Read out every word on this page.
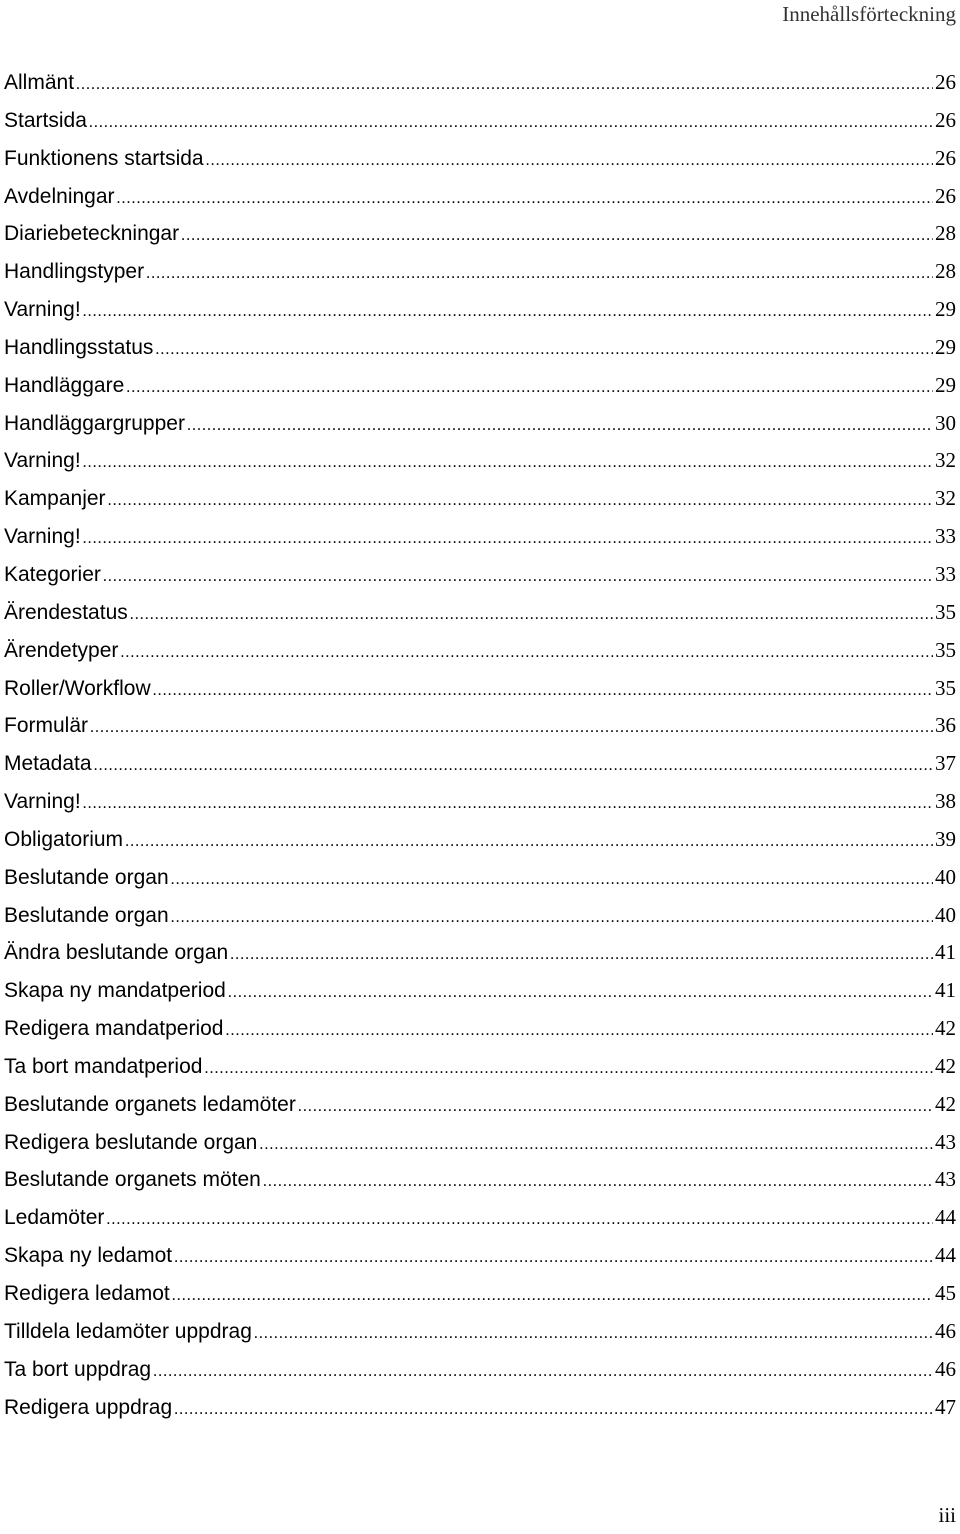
Innehållsförteckning
Allmänt .....	26
Startsida .....	26
Funktionens startsida .....	26
Avdelningar .....	26
Diariebeteckningar .....	28
Handlingstyper .....	28
Varning! .....	29
Handlingsstatus .....	29
Handläggare .....	29
Handläggargrupper .....	30
Varning! .....	32
Kampanjer .....	32
Varning! .....	33
Kategorier .....	33
Ärendestatus .....	35
Ärendetyper .....	35
Roller/Workflow .....	35
Formulär .....	36
Metadata .....	37
Varning! .....	38
Obligatorium .....	39
Beslutande organ .....	40
Beslutande organ .....	40
Ändra beslutande organ .....	41
Skapa ny mandatperiod .....	41
Redigera mandatperiod .....	42
Ta bort mandatperiod .....	42
Beslutande organets ledamöter .....	42
Redigera beslutande organ .....	43
Beslutande organets möten .....	43
Ledamöter .....	44
Skapa ny ledamot .....	44
Redigera ledamot .....	45
Tilldela ledamöter uppdrag .....	46
Ta bort uppdrag .....	46
Redigera uppdrag .....	47
iii
